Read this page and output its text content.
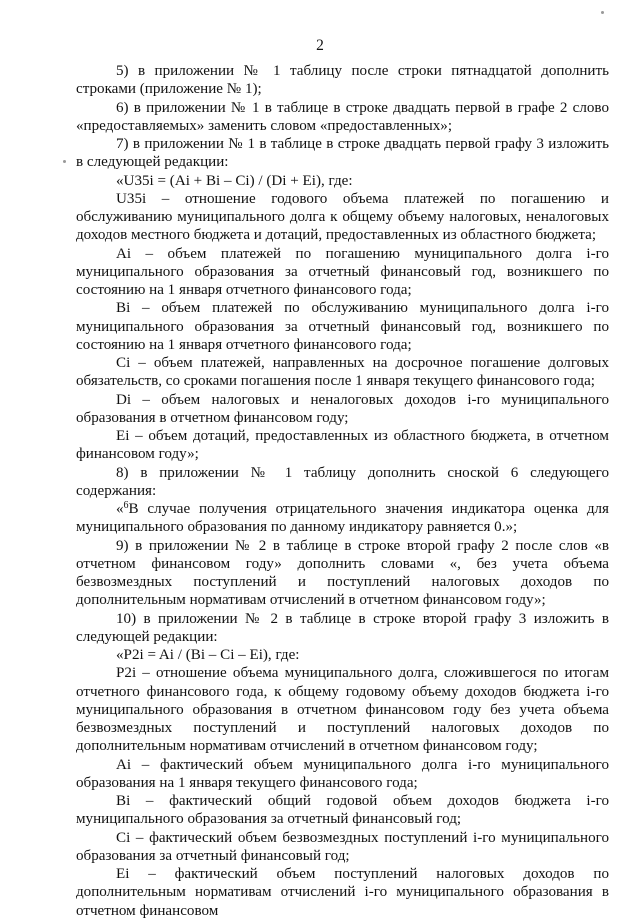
2

5) в приложении № 1 таблицу после строки пятнадцатой дополнить строками (приложение № 1);

6) в приложении № 1 в таблице в строке двадцать первой в графе 2 слово «предоставляемых» заменить словом «предоставленных»;

7) в приложении № 1 в таблице в строке двадцать первой графу 3 изложить в следующей редакции:

«U35i = (Ai + Bi – Ci) / (Di + Ei), где:

U35i – отношение годового объема платежей по погашению и обслуживанию муниципального долга к общему объему налоговых, неналоговых доходов местного бюджета и дотаций, предоставленных из областного бюджета;

Ai – объем платежей по погашению муниципального долга i-го муниципального образования за отчетный финансовый год, возникшего по состоянию на 1 января отчетного финансового года;

Bi – объем платежей по обслуживанию муниципального долга i-го муниципального образования за отчетный финансовый год, возникшего по состоянию на 1 января отчетного финансового года;

Ci – объем платежей, направленных на досрочное погашение долговых обязательств, со сроками погашения после 1 января текущего финансового года;

Di – объем налоговых и неналоговых доходов i-го муниципального образования в отчетном финансовом году;

Ei – объем дотаций, предоставленных из областного бюджета, в отчетном финансовом году»;

8) в приложении № 1 таблицу дополнить сноской 6 следующего содержания:

«$^6$В случае получения отрицательного значения индикатора оценка для муниципального образования по данному индикатору равняется 0.»;

9) в приложении № 2 в таблице в строке второй графу 2 после слов «в отчетном финансовом году» дополнить словами «, без учета объема безвозмездных поступлений и поступлений налоговых доходов по дополнительным нормативам отчислений в отчетном финансовом году»;

10) в приложении № 2 в таблице в строке второй графу 3 изложить в следующей редакции:

«P2i = Ai / (Bi – Ci – Ei), где:

P2i – отношение объема муниципального долга, сложившегося по итогам отчетного финансового года, к общему годовому объему доходов бюджета i-го муниципального образования в отчетном финансовом году без учета объема безвозмездных поступлений и поступлений налоговых доходов по дополнительным нормативам отчислений в отчетном финансовом году;

Ai – фактический объем муниципального долга i-го муниципального образования на 1 января текущего финансового года;

Bi – фактический общий годовой объем доходов бюджета i-го муниципального образования за отчетный финансовый год;

Ci – фактический объем безвозмездных поступлений i-го муниципального образования за отчетный финансовый год;

Ei – фактический объем поступлений налоговых доходов по дополнительным нормативам отчислений i-го муниципального образования в отчетном финансовом
